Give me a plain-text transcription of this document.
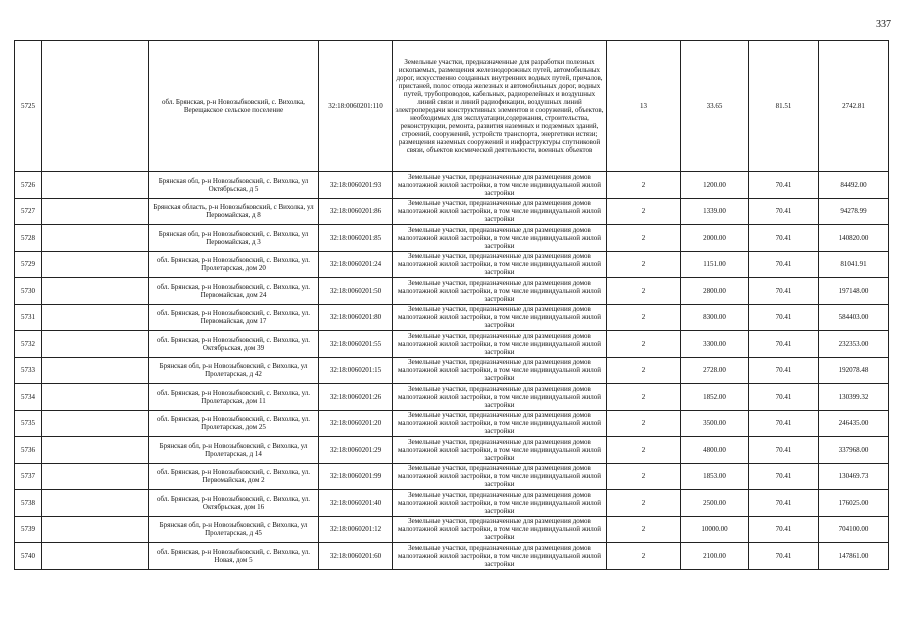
337
5725		обл. Брянская, р-н Новозыбковский, с. Вихолка, Верещакское сельское поселение	32:18:0060201:110	Земельные участки, предназначенные для разработки полезных ископаемых, размещения железнодорожных путей, автомобильных дорог, искусственно созданных внутренних водных путей, причалов, пристаней, полос отвода железных и автомобильных дорог, водных путей, трубопроводов, кабельных, радиорелейных и воздушных линий связи и линий радиофикации, воздушных линий электропередачи конструктивных элементов и сооружений, объектов, необходимых для эксплуатации,содержания, строительства, реконструкции, ремонта, развития наземных и подземных зданий, строений, сооружений, устройств транспорта, энергетики истязи; размещения наземных сооружений и инфраструктуры спутниковой связи, объектов космической деятельности, военных объектов	13	33.65	81.51	2742.81
5726		Брянская обл, р-н Новозыбковский, с. Вихолка, ул Октябрьская, д 5	32:18:0060201:93	Земельные участки, предназначенные для размещения домов малоэтажной жилой застройки, в том числе индивидуальной жилой застройки	2	1200.00	70.41	84492.00
5727		Брянская область, р-н Новозыбковский, с Вихолка, ул Первомайская, д 8	32:18:0060201:86	Земельные участки, предназначенные для размещения домов малоэтажной жилой застройки, в том числе индивидуальной жилой застройки	2	1339.00	70.41	94278.99
5728		Брянская обл, р-н Новозыбковский, с. Вихолка, ул Первомайская, д 3	32:18:0060201:85	Земельные участки, предназначенные для размещения домов малоэтажной жилой застройки, в том числе индивидуальной жилой застройки	2	2000.00	70.41	140820.00
5729		обл. Брянская, р-н Новозыбковский, с. Вихолка, ул. Пролетарская, дом 20	32:18:0060201:24	Земельные участки, предназначенные для размещения домов малоэтажной жилой застройки, в том числе индивидуальной жилой застройки	2	1151.00	70.41	81041.91
5730		обл. Брянская, р-н Новозыбковский, с. Вихолка, ул. Первомайская, дом 24	32:18:0060201:50	Земельные участки, предназначенные для размещения домов малоэтажной жилой застройки, в том числе индивидуальной жилой застройки	2	2800.00	70.41	197148.00
5731		обл. Брянская, р-н Новозыбковский, с. Вихолка, ул. Первомайская, дом 17	32:18:0060201:80	Земельные участки, предназначенные для размещения домов малоэтажной жилой застройки, в том числе индивидуальной жилой застройки	2	8300.00	70.41	584403.00
5732		обл. Брянская, р-н Новозыбковский, с. Вихолка, ул. Октябрьская, дом 39	32:18:0060201:55	Земельные участки, предназначенные для размещения домов малоэтажной жилой застройки, в том числе индивидуальной жилой застройки	2	3300.00	70.41	232353.00
5733		Брянская обл, р-н Новозыбковский, с Вихолка, ул Пролетарская, д 42	32:18:0060201:15	Земельные участки, предназначенные для размещения домов малоэтажной жилой застройки, в том числе индивидуальной жилой застройки	2	2728.00	70.41	192078.48
5734		обл. Брянская, р-н Новозыбковский, с. Вихолка, ул. Пролетарская, дом 11	32:18:0060201:26	Земельные участки, предназначенные для размещения домов малоэтажной жилой застройки, в том числе индивидуальной жилой застройки	2	1852.00	70.41	130399.32
5735		обл. Брянская, р-н Новозыбковский, с. Вихолка, ул. Пролетарская, дом 25	32:18:0060201:20	Земельные участки, предназначенные для размещения домов малоэтажной жилой застройки, в том числе индивидуальной жилой застройки	2	3500.00	70.41	246435.00
5736		Брянская обл, р-н Новозыбковский, с Вихолка, ул Пролетарская, д 14	32:18:0060201:29	Земельные участки, предназначенные для размещения домов малоэтажной жилой застройки, в том числе индивидуальной жилой застройки	2	4800.00	70.41	337968.00
5737		обл. Брянская, р-н Новозыбковский, с. Вихолка, ул. Первомайская, дом 2	32:18:0060201:99	Земельные участки, предназначенные для размещения домов малоэтажной жилой застройки, в том числе индивидуальной жилой застройки	2	1853.00	70.41	130469.73
5738		обл. Брянская, р-н Новозыбковский, с. Вихолка, ул. Октябрьская, дом 16	32:18:0060201:40	Земельные участки, предназначенные для размещения домов малоэтажной жилой застройки, в том числе индивидуальной жилой застройки	2	2500.00	70.41	176025.00
5739		Брянская обл, р-н Новозыбковский, с Вихолка, ул Пролетарская, д 45	32:18:0060201:12	Земельные участки, предназначенные для размещения домов малоэтажной жилой застройки, в том числе индивидуальной жилой застройки	2	10000.00	70.41	704100.00
5740		обл. Брянская, р-н Новозыбковский, с. Вихолка, ул. Новая, дом 5	32:18:0060201:60	Земельные участки, предназначенные для размещения домов малоэтажной жилой застройки, в том числе индивидуальной жилой застройки	2	2100.00	70.41	147861.00
